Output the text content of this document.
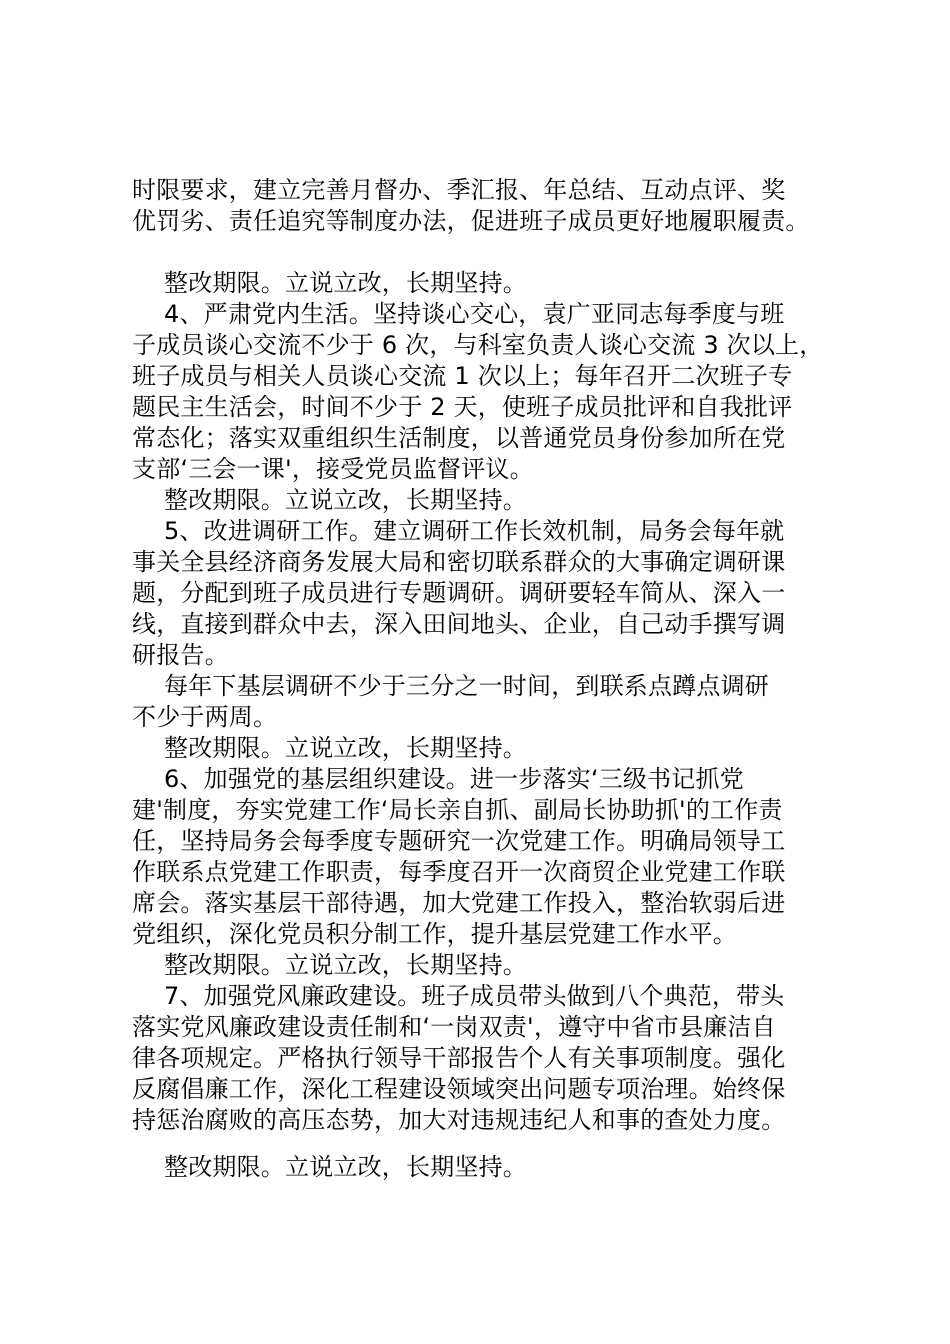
时限要求，建立完善月督办、季汇报、年总结、互动点评、奖
优罚劣、责任追究等制度办法，促进班子成员更好地履职履责。
整改期限。立说立改，长期坚持。
4、严肃党内生活。坚持谈心交心，袁广亚同志每季度与班
子成员谈心交流不少于 6 次，与科室负责人谈心交流 3 次以上，
班子成员与相关人员谈心交流 1 次以上；每年召开二次班子专
题民主生活会，时间不少于 2 天，使班子成员批评和自我批评
常态化；落实双重组织生活制度，以普通党员身份参加所在党
支部‘三会一课'，接受党员监督评议。
整改期限。立说立改，长期坚持。
5、改进调研工作。建立调研工作长效机制，局务会每年就
事关全县经济商务发展大局和密切联系群众的大事确定调研课
题，分配到班子成员进行专题调研。调研要轻车简从、深入一
线，直接到群众中去，深入田间地头、企业，自己动手撰写调
研报告。
每年下基层调研不少于三分之一时间，到联系点蹲点调研
不少于两周。
整改期限。立说立改，长期坚持。
6、加强党的基层组织建设。进一步落实‘三级书记抓党
建'制度，夯实党建工作‘局长亲自抓、副局长协助抓'的工作责
任，坚持局务会每季度专题研究一次党建工作。明确局领导工
作联系点党建工作职责，每季度召开一次商贸企业党建工作联
席会。落实基层干部待遇，加大党建工作投入，整治软弱后进
党组织，深化党员积分制工作，提升基层党建工作水平。
整改期限。立说立改，长期坚持。
7、加强党风廉政建设。班子成员带头做到八个典范，带头
落实党风廉政建设责任制和‘一岗双责'，遵守中省市县廉洁自
律各项规定。严格执行领导干部报告个人有关事项制度。强化
反腐倡廉工作，深化工程建设领域突出问题专项治理。始终保
持惩治腐败的高压态势，加大对违规违纪人和事的查处力度。
整改期限。立说立改，长期坚持。
